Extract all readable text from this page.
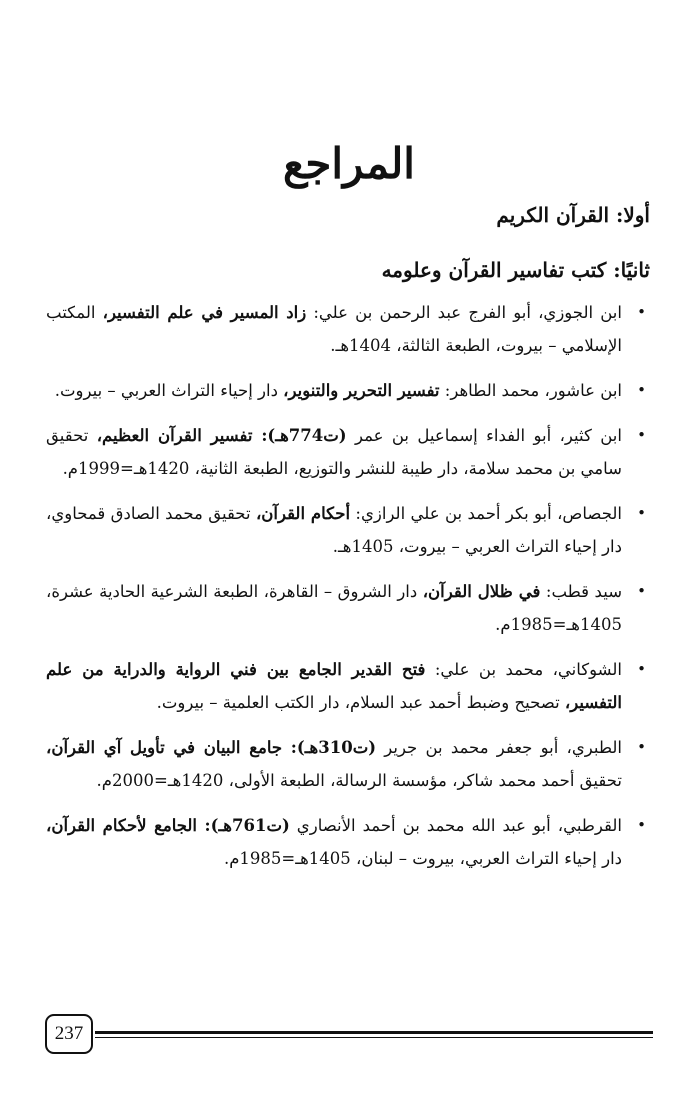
المراجع
أولا: القرآن الكريم
ثانيًا: كتب تفاسير القرآن وعلومه
•
ابن الجوزي، أبو الفرج عبد الرحمن بن علي: زاد المسير في علم التفسير، المكتب الإسلامي – بيروت، الطبعة الثالثة، 1404هـ.
•
ابن عاشور، محمد الطاهر: تفسير التحرير والتنوير، دار إحياء التراث العربي – بيروت.
•
ابن كثير، أبو الفداء إسماعيل بن عمر (ت774هـ): تفسير القرآن العظيم، تحقيق سامي بن محمد سلامة، دار طيبة للنشر والتوزيع، الطبعة الثانية، 1420هـ=1999م.
•
الجصاص، أبو بكر أحمد بن علي الرازي: أحكام القرآن، تحقيق محمد الصادق قمحاوي، دار إحياء التراث العربي – بيروت، 1405هـ.
•
سيد قطب: في ظلال القرآن، دار الشروق – القاهرة، الطبعة الشرعية الحادية عشرة، 1405هـ=1985م.
•
الشوكاني، محمد بن علي: فتح القدير الجامع بين فني الرواية والدراية من علم التفسير، تصحيح وضبط أحمد عبد السلام، دار الكتب العلمية – بيروت.
•
الطبري، أبو جعفر محمد بن جرير (ت310هـ): جامع البيان في تأويل آي القرآن، تحقيق أحمد محمد شاكر، مؤسسة الرسالة، الطبعة الأولى، 1420هـ=2000م.
•
القرطبي، أبو عبد الله محمد بن أحمد الأنصاري (ت761هـ): الجامع لأحكام القرآن، دار إحياء التراث العربي، بيروت – لبنان، 1405هـ=1985م.
237
